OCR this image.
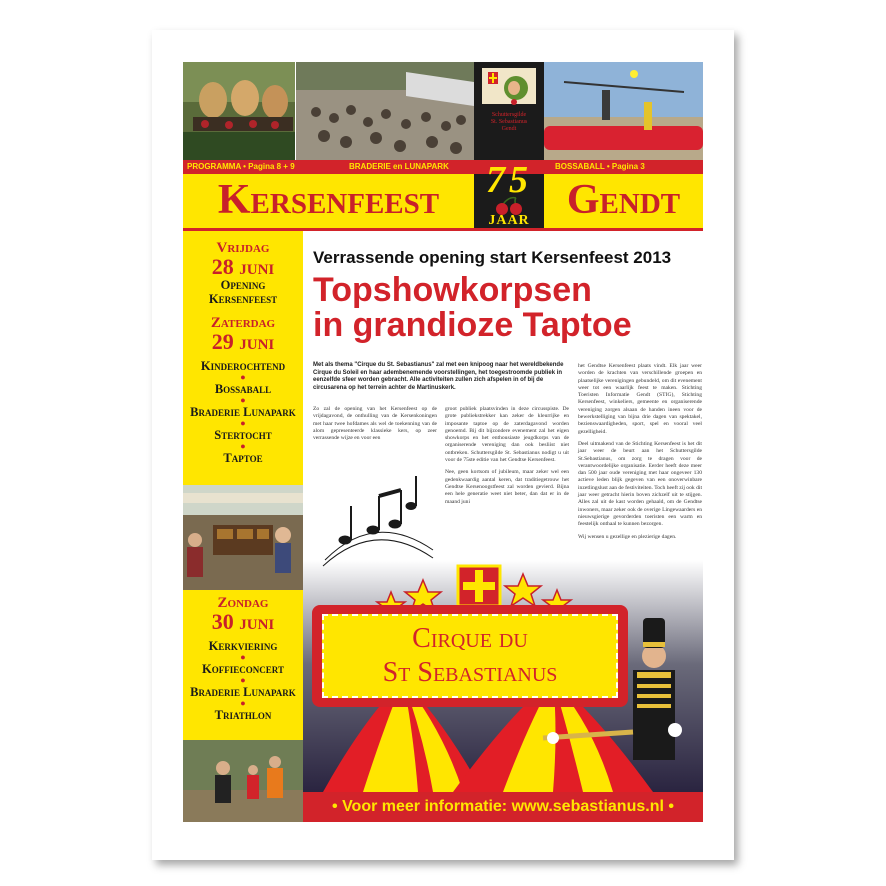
Schuttersgilde
St. Sebastianus
Gendt
PROGRAMMA • Pagina 8 + 9	BRADERIE en LUNAPARK	BOSSABALL • Pagina 3
Kersenfeest	Gendt
75
JAAR
Vrijdag
28 juni
Opening
Kersenfeest
Zaterdag
29 juni
Kinderochtend
●
Bossaball
●
Braderie Lunapark
●
Stertocht
●
Taptoe
Zondag
30 juni
Kerkviering
●
Koffieconcert
●
Braderie Lunapark
●
Triathlon
Verrassende opening start Kersenfeest 2013
Topshowkorpsen
in grandioze Taptoe
Met als thema "Cirque du St. Sebastianus" zal met een knipoog naar het wereldbekende Cirque du Soleil en haar adembenemende voorstellingen, het toegestroomde publiek in eenzelfde sfeer worden gebracht. Alle activiteiten zullen zich afspelen in of bij de circusarena op het terrein achter de Martinuskerk.

Zo zal de opening van het Kersenfeest op de vrijdagavond, de onthulling van de Kersenkoningen met haar twee hofdames als wel de toekenning van de alom gepresenteerde klassieke kers, op zeer verrassende wijze en voor een

groot publiek plaatsvinden in deze circusspiste. De grote publiekstrekker kan zeker de kleurrijke en imposante taptoe op de zaterdagavond worden genoemd. Bij dit bijzondere evenement zal het eigen showkorps en het enthousiaste jeugdkorps van de organiserende vereniging dan ook besliist niet ontbreken. Schuttersgilde St. Sebastianus nodigt u uit voor de 75ste editie van het Gendtse Kersenfeest.

Nee, geen kortsom of jubileum, maar zeker wel een gedenkwaardig aantal keren, dat traditiegetrouw het Gendtse Kersenoogstfeest zal worden gevierd. Bijna een hele generatie weet niet beter, dan dat er in de maand juni

het Gendtse Kersenfeest plaats vindt. Elk jaar weer worden de krachten van verschillende groepen en plaatselijke verenigingen gebundeld, om dit evenement weer tot een waarlijk feest te maken. Stichting Toeristen Informatie Gendt (STIG), Stichting Kersenfeest, winkeliers, gemeente en organiserende vereniging zorgen alsaan de handen ineen voor de bewerkstelliging van bijna drie dagen van spektakel, bezienswaardigheden, sport, spel en vooral veel gezelligheid.

Deel uitmakend van de Stichting Kersenfeest is het dit jaar weer de beurt aan het Schuttersgilde St.Sebastianus, om zorg te dragen voor de verantwoordelijke organisatie. Eerder heeft deze meer dan 500 jaar oude vereniging met haar ongeveer 130 actieve leden blijk gegeven van een onoverwinbare inzetlingslust aan de festiviteiten. Toch heeft zij ook dit jaar weer getracht hierin boven zichzelf uit te stijgen. Alles zal uit de kast worden gehaald, om de Gendtse inwoners, maar zeker ook de overige Lingewaarders en nieuwsgierige gevorderden toeristen een warm en feestelijk onthaal te kunnen bezorgen.

Wij wensen u gezellige en plezierige dagen.

Cirque du
St Sebastianus
• Voor meer informatie: www.sebastianus.nl •
